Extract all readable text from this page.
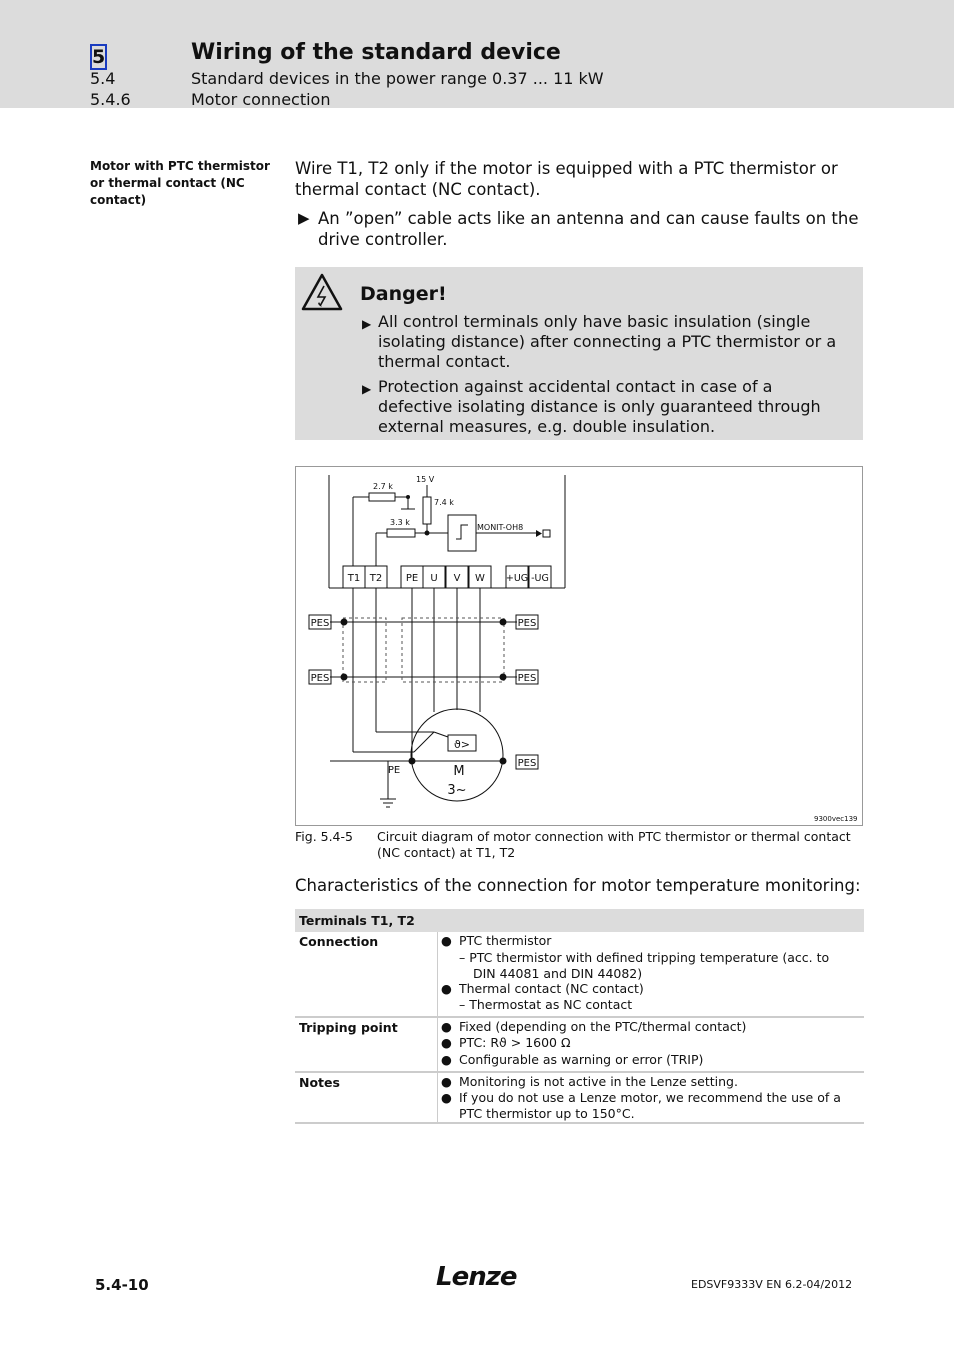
5	Wiring of the standard device
5.4	Standard devices in the power range 0.37 ... 11 kW
5.4.6	Motor connection
Motor with PTC thermistor or thermal contact (NC contact)
Wire T1, T2 only if the motor is equipped with a PTC thermistor or thermal contact (NC contact).
▶ An ”open” cable acts like an antenna and can cause faults on the drive controller.
Danger!
▶ All control terminals only have basic insulation (single isolating distance) after connecting a PTC thermistor or a thermal contact.
▶ Protection against accidental contact in case of a defective isolating distance is only guaranteed through external measures, e.g. double insulation.
T1 T2 PE U V W +UG -UG
PES
PES
PES
PES
PES
PE	M
3~
ϑ>
2.7 k
3.3 k
7.4 k
15 V
MONIT-OH8
9300vec139
Fig. 5.4-5 Circuit diagram of motor connection with PTC thermistor or thermal contact (NC contact) at T1, T2
Characteristics of the connection for motor temperature monitoring:
Terminals T1, T2
Connection	● PTC thermistor
– PTC thermistor with defined tripping temperature (acc. to
DIN 44081 and DIN 44082)
● Thermal contact (NC contact)
– Thermostat as NC contact
Tripping point	● Fixed (depending on the PTC/thermal contact)
● PTC: Rϑ > 1600 Ω
● Configurable as warning or error (TRIP)
Notes	● Monitoring is not active in the Lenze setting.
● If you do not use a Lenze motor, we recommend the use of a PTC thermistor up to 150°C.
5.4-10	Lenze	EDSVF9333V EN 6.2-04/2012
